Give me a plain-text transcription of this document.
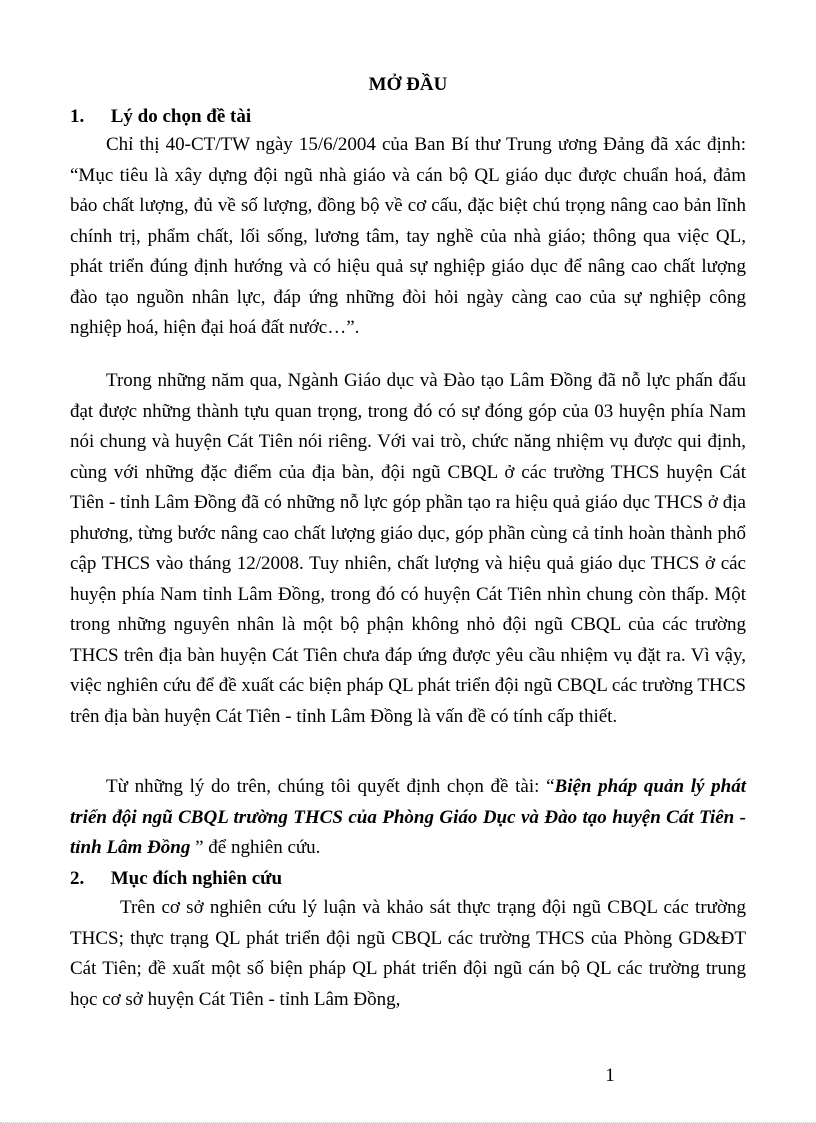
MỞ ĐẦU
1. Lý do chọn đề tài

Chỉ thị 40-CT/TW ngày 15/6/2004 của Ban Bí thư Trung ương Đảng đã xác định: “Mục tiêu là xây dựng đội ngũ nhà giáo và cán bộ QL giáo dục được chuẩn hoá, đảm bảo chất lượng, đủ về số lượng, đồng bộ về cơ cấu, đặc biệt chú trọng nâng cao bản lĩnh chính trị, phẩm chất, lối sống, lương tâm, tay nghề của nhà giáo; thông qua việc QL, phát triển đúng định hướng và có hiệu quả sự nghiệp giáo dục để nâng cao chất lượng đào tạo nguồn nhân lực, đáp ứng những đòi hỏi ngày càng cao của sự nghiệp công nghiệp hoá, hiện đại hoá đất nước…”.

Trong những năm qua, Ngành Giáo dục và Đào tạo Lâm Đồng đã nỗ lực phấn đấu đạt được những thành tựu quan trọng, trong đó có sự đóng góp của 03 huyện phía Nam nói chung và huyện Cát Tiên nói riêng. Với vai trò, chức năng nhiệm vụ được qui định, cùng với những đặc điểm của địa bàn, đội ngũ CBQL ở các trường THCS huyện Cát Tiên - tỉnh Lâm Đồng đã có những nỗ lực góp phần tạo ra hiệu quả giáo dục THCS ở địa phương, từng bước nâng cao chất lượng giáo dục, góp phần cùng cả tỉnh hoàn thành phổ cập THCS vào tháng 12/2008. Tuy nhiên, chất lượng và hiệu quả giáo dục THCS ở các huyện phía Nam tỉnh Lâm Đồng, trong đó có huyện Cát Tiên nhìn chung còn thấp. Một trong những nguyên nhân là một bộ phận không nhỏ đội ngũ CBQL của các trường THCS trên địa bàn huyện Cát Tiên chưa đáp ứng được yêu cầu nhiệm vụ đặt ra. Vì vậy, việc nghiên cứu để đề xuất các biện pháp QL phát triển đội ngũ CBQL các trường THCS trên địa bàn huyện Cát Tiên - tỉnh Lâm Đồng là vấn đề có tính cấp thiết.

Từ những lý do trên, chúng tôi quyết định chọn đề tài: “Biện pháp quản lý phát triển đội ngũ CBQL trường THCS của Phòng Giáo Dục và Đào tạo huyện Cát Tiên - tỉnh Lâm Đồng ” để nghiên cứu.

2. Mục đích nghiên cứu

Trên cơ sở nghiên cứu lý luận và khảo sát thực trạng đội ngũ CBQL các trường THCS; thực trạng QL phát triển đội ngũ CBQL các trường THCS của Phòng GD&ĐT Cát Tiên; đề xuất một số biện pháp QL phát triển đội ngũ cán bộ QL các trường trung học cơ sở huyện Cát Tiên - tỉnh Lâm Đồng,

1
